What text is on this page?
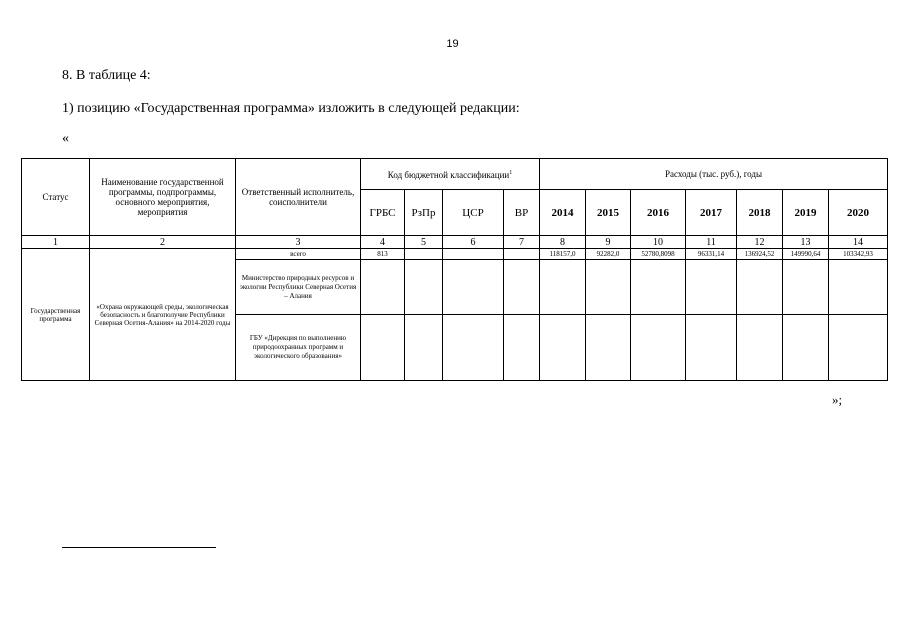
19
8. В таблице 4:
1) позицию «Государственная программа» изложить в следующей редакции:
«
Статус	Наименование государственной программы, подпрограммы, основного мероприятия, мероприятия	Ответственный исполнитель, соисполнители	Код бюджетной классификации$^1$				Расходы (тыс. руб.), годы						
			ГРБС	РзПр	ЦСР	ВР	2014	2015	2016	2017	2018	2019	2020
1	2	3	4	5	6	7	8	9	10	11	12	13	14
Государственная программа	«Охрана окружающей среды, экологическая безопасность и благополучие Республики Северная Осетия-Алания» на 2014-2020 годы	всего	813				118157,0	92282,0	52780,8098	96331,14	136924,52	149990,64	103342,93
		Министерство природных ресурсов и экологии Республики Северная Осетия – Алания											
		ГБУ «Дирекция по выполнению природоохранных программ и экологического образования»											
»;
